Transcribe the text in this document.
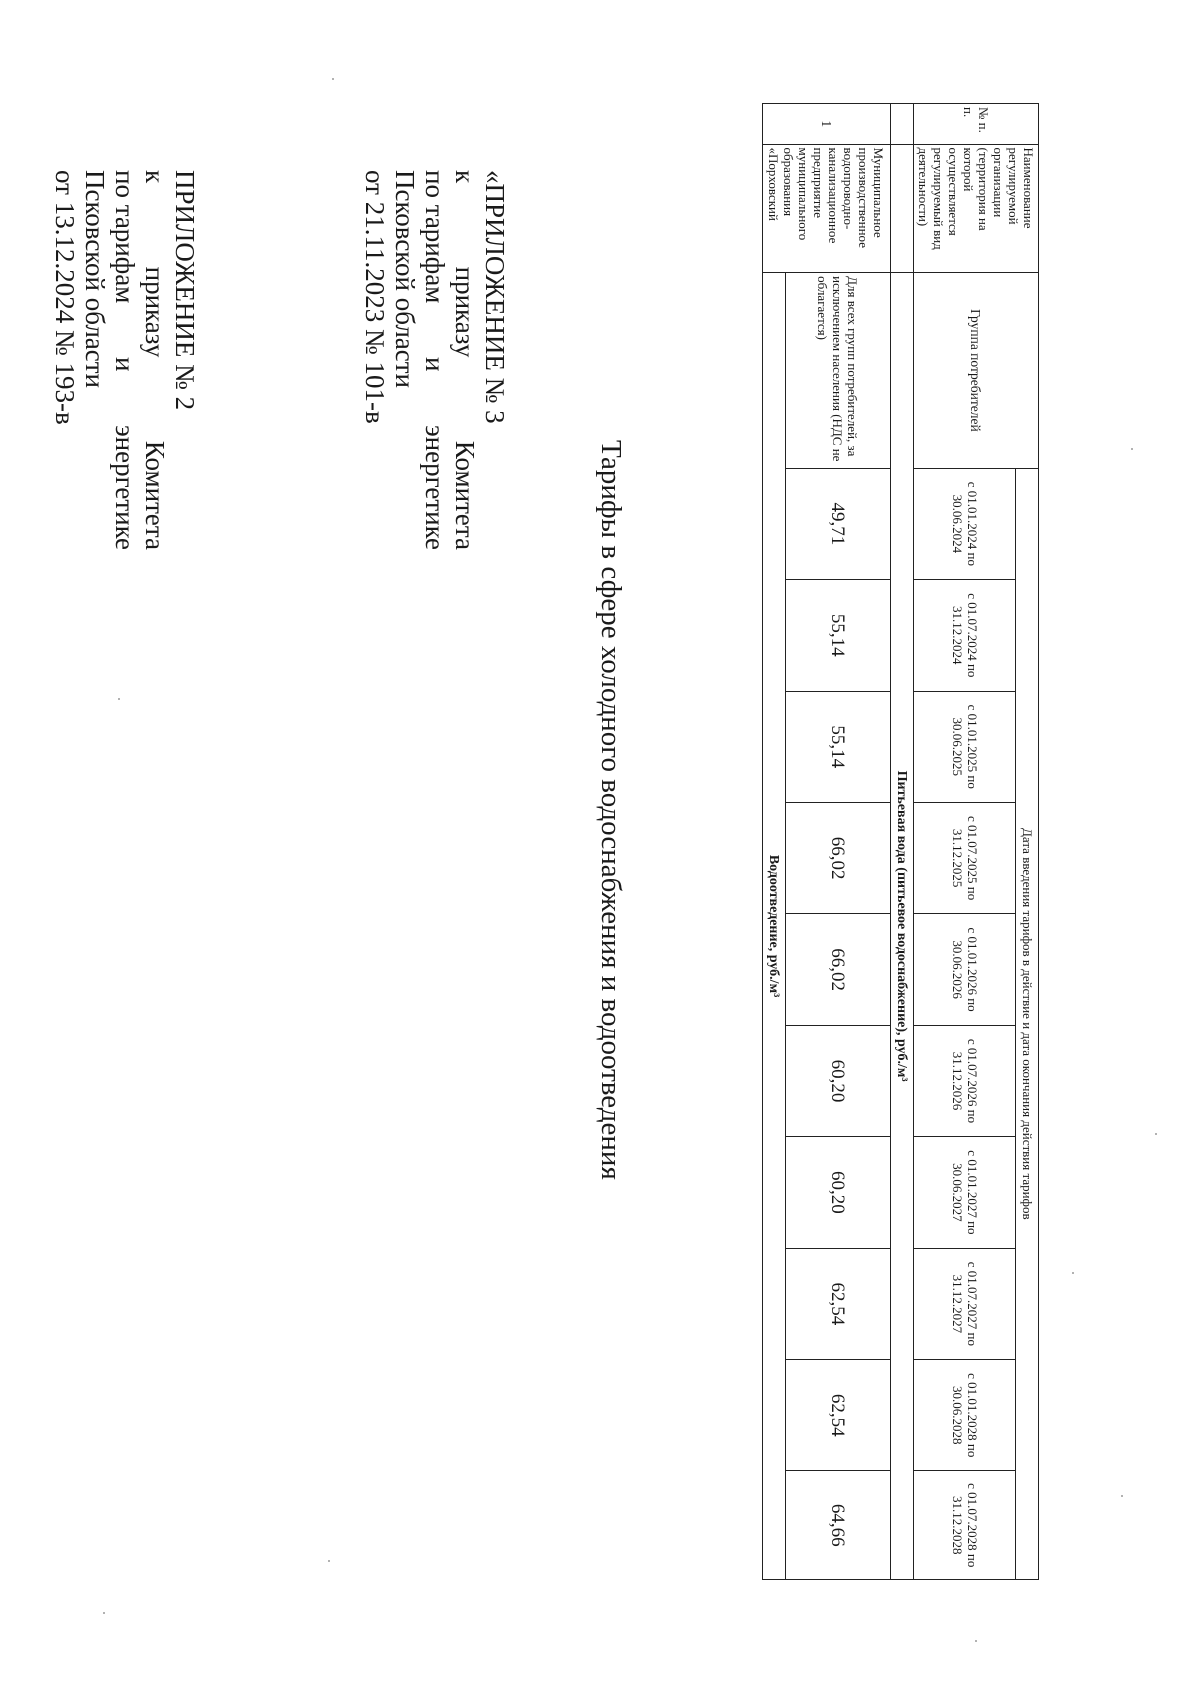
ПРИЛОЖЕНИЕ № 2
к
приказу
Комитета
по тарифам
и
энергетике
Псковской области
от 13.12.2024 № 193-в	«ПРИЛОЖЕНИЕ № 3
к
приказу
Комитета
по тарифам
и
энергетике
Псковской области
от 21.11.2023 № 101-в
Тарифы в сфере холодного водоснабжения и водоотведения
№ п. п.	Наименование регулируемой организации (территория на которой осуществляется регулируемый вид деятельности)	Группа потребителей	Дата введения тарифов в действие и дата окончания действия тарифов									
			с 01.01.2024 по 30.06.2024	с 01.07.2024 по 31.12.2024	с 01.01.2025 по 30.06.2025	с 01.07.2025 по 31.12.2025	с 01.01.2026 по 30.06.2026	с 01.07.2026 по 31.12.2026	с 01.01.2027 по 30.06.2027	с 01.07.2027 по 31.12.2027	с 01.01.2028 по 30.06.2028	с 01.07.2028 по 31.12.2028
		Питьевая вода (питьевое водоснабжение), руб./м³										
1	Муниципальное производственное водопроводно-канализационное предприятие муниципального образования «Порховский	Для всех групп потребителей, за исключением населения (НДС не облагается)	49,71	55,14	55,14	66,02	66,02	60,20	60,20	62,54	62,54	64,66
		Водоотведение, руб./м³										
